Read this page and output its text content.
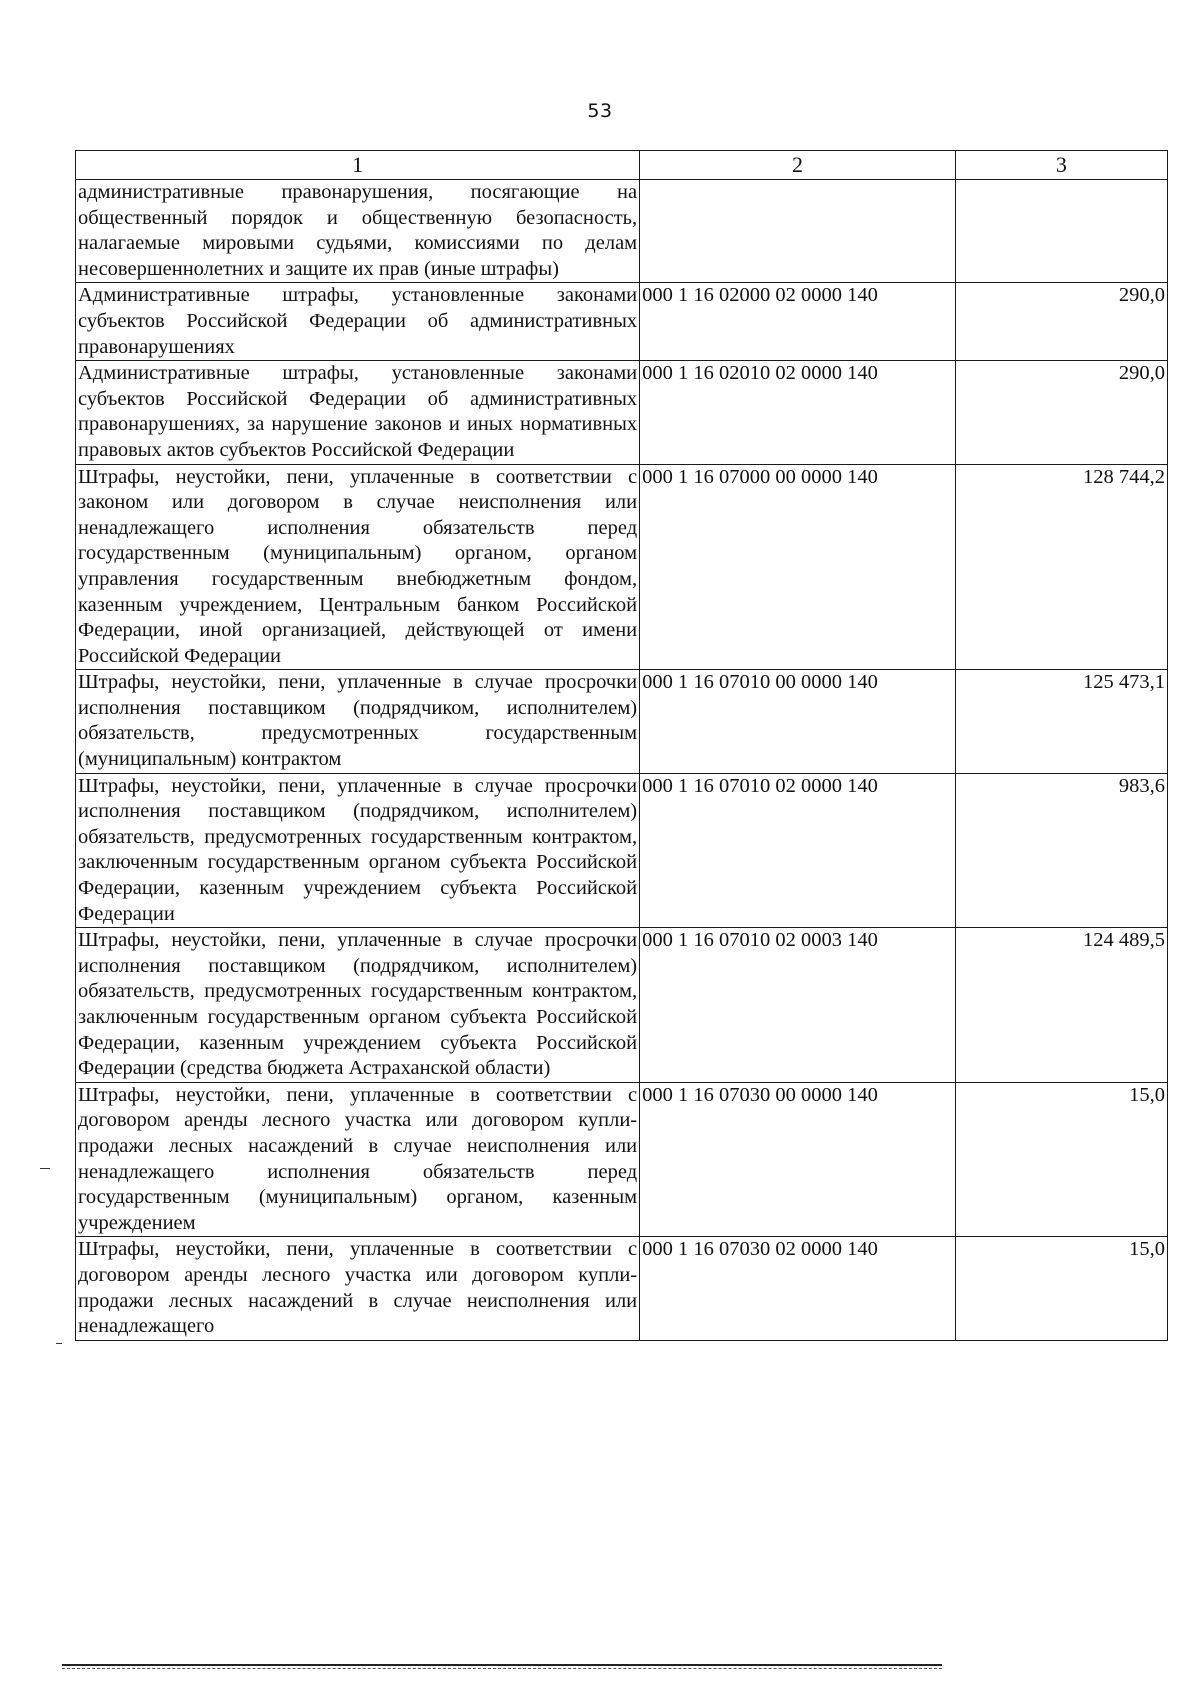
53
1	2	3
административные правонарушения, посягающие на общественный порядок и общественную безопасность, налагаемые мировыми судьями, комиссиями по делам несовершеннолетних и защите их прав (иные штрафы)		
Административные штрафы, установленные законами субъектов Российской Федерации об административных правонарушениях	000 1 16 02000 02 0000 140	290,0
Административные штрафы, установленные законами субъектов Российской Федерации об административных правонарушениях, за нарушение законов и иных нормативных правовых актов субъектов Российской Федерации	000 1 16 02010 02 0000 140	290,0
Штрафы, неустойки, пени, уплаченные в соответствии с законом или договором в случае неисполнения или ненадлежащего исполнения обязательств перед государственным (муниципальным) органом, органом управления государственным внебюджетным фондом, казенным учреждением, Центральным банком Российской Федерации, иной организацией, действующей от имени Российской Федерации	000 1 16 07000 00 0000 140	128 744,2
Штрафы, неустойки, пени, уплаченные в случае просрочки исполнения поставщиком (подрядчиком, исполнителем) обязательств, предусмотренных государственным (муниципальным) контрактом	000 1 16 07010 00 0000 140	125 473,1
Штрафы, неустойки, пени, уплаченные в случае просрочки исполнения поставщиком (подрядчиком, исполнителем) обязательств, предусмотренных государственным контрактом, заключенным государственным органом субъекта Российской Федерации, казенным учреждением субъекта Российской Федерации	000 1 16 07010 02 0000 140	983,6
Штрафы, неустойки, пени, уплаченные в случае просрочки исполнения поставщиком (подрядчиком, исполнителем) обязательств, предусмотренных государственным контрактом, заключенным государственным органом субъекта Российской Федерации, казенным учреждением субъекта Российской Федерации (средства бюджета Астраханской области)	000 1 16 07010 02 0003 140	124 489,5
Штрафы, неустойки, пени, уплаченные в соответствии с договором аренды лесного участка или договором купли-продажи лесных насаждений в случае неисполнения или ненадлежащего исполнения обязательств перед государственным (муниципальным) органом, казенным учреждением	000 1 16 07030 00 0000 140	15,0
Штрафы, неустойки, пени, уплаченные в соответствии с договором аренды лесного участка или договором купли-продажи лесных насаждений в случае неисполнения или ненадлежащего	000 1 16 07030 02 0000 140	15,0
